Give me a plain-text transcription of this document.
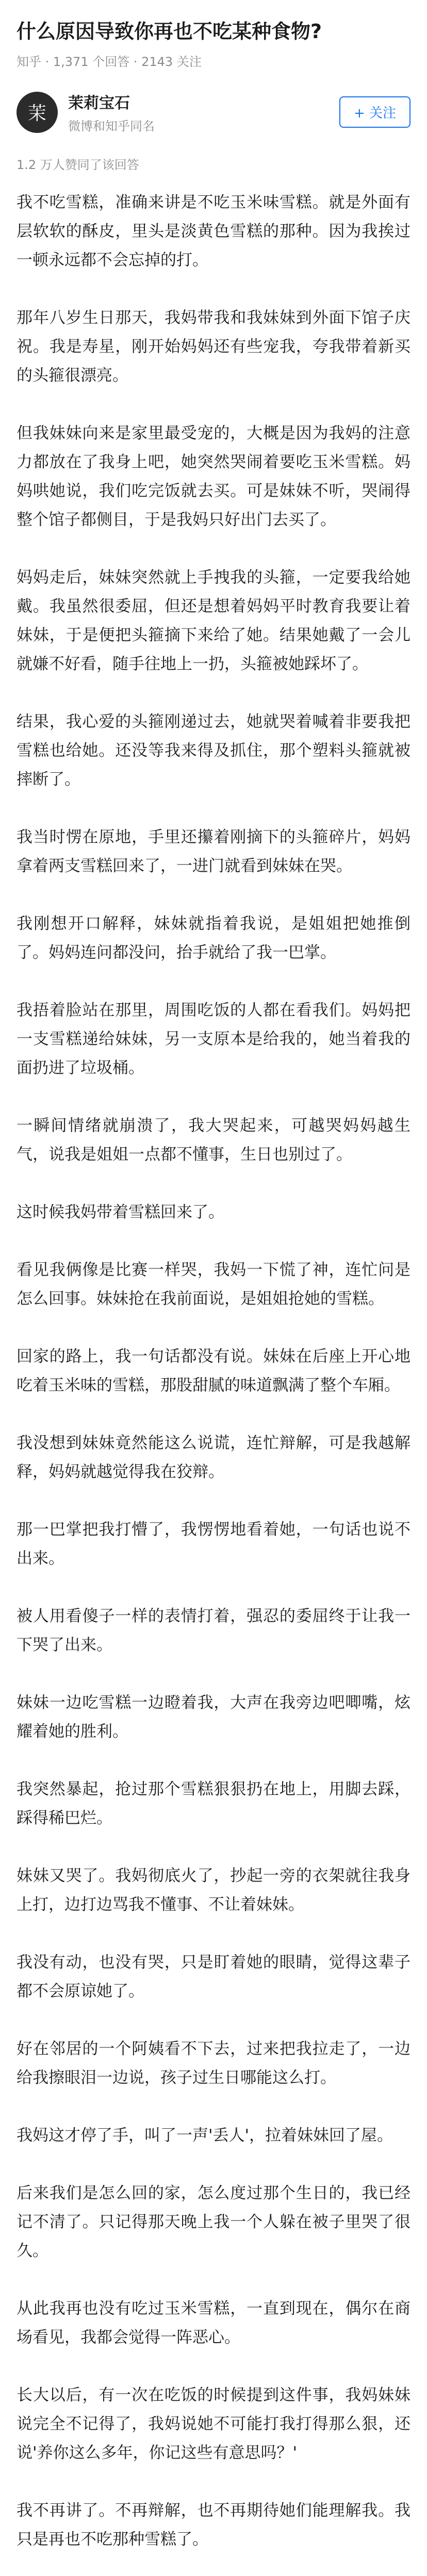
什么原因导致你再也不吃某种食物?
知乎 · 1,371 个回答 · 2143 关注
茉	茉莉宝石
微博和知乎同名
+ 关注
1.2 万人赞同了该回答

我不吃雪糕，准确来讲是不吃玉米味雪糕。就是外面有层软软的酥皮，里头是淡黄色雪糕的那种。因为我挨过一顿永远都不会忘掉的打。

那年八岁生日那天，我妈带我和我妹妹到外面下馆子庆祝。我是寿星，刚开始妈妈还有些宠我，夸我带着新买的头箍很漂亮。

但我妹妹向来是家里最受宠的，大概是因为我妈的注意力都放在了我身上吧，她突然哭闹着要吃玉米雪糕。妈妈哄她说，我们吃完饭就去买。可是妹妹不听，哭闹得整个馆子都侧目，于是我妈只好出门去买了。

妈妈走后，妹妹突然就上手拽我的头箍，一定要我给她戴。我虽然很委屈，但还是想着妈妈平时教育我要让着妹妹，于是便把头箍摘下来给了她。结果她戴了一会儿就嫌不好看，随手往地上一扔，头箍被她踩坏了。

结果，我心爱的头箍刚递过去，她就哭着喊着非要我把雪糕也给她。还没等我来得及抓住，那个塑料头箍就被摔断了。

我当时愣在原地，手里还攥着刚摘下的头箍碎片，妈妈拿着两支雪糕回来了，一进门就看到妹妹在哭。

我刚想开口解释，妹妹就指着我说，是姐姐把她推倒了。妈妈连问都没问，抬手就给了我一巴掌。

我捂着脸站在那里，周围吃饭的人都在看我们。妈妈把一支雪糕递给妹妹，另一支原本是给我的，她当着我的面扔进了垃圾桶。

一瞬间情绪就崩溃了，我大哭起来，可越哭妈妈越生气，说我是姐姐一点都不懂事，生日也别过了。

这时候我妈带着雪糕回来了。

看见我俩像是比赛一样哭，我妈一下慌了神，连忙问是怎么回事。妹妹抢在我前面说，是姐姐抢她的雪糕。

回家的路上，我一句话都没有说。妹妹在后座上开心地吃着玉米味的雪糕，那股甜腻的味道飘满了整个车厢。

我没想到妹妹竟然能这么说谎，连忙辩解，可是我越解释，妈妈就越觉得我在狡辩。

那一巴掌把我打懵了，我愣愣地看着她，一句话也说不出来。

被人用看傻子一样的表情打着，强忍的委屈终于让我一下哭了出来。

妹妹一边吃雪糕一边瞪着我，大声在我旁边吧唧嘴，炫耀着她的胜利。

我突然暴起，抢过那个雪糕狠狠扔在地上，用脚去踩，踩得稀巴烂。

妹妹又哭了。我妈彻底火了，抄起一旁的衣架就往我身上打，边打边骂我不懂事、不让着妹妹。

我没有动，也没有哭，只是盯着她的眼睛，觉得这辈子都不会原谅她了。

好在邻居的一个阿姨看不下去，过来把我拉走了，一边给我擦眼泪一边说，孩子过生日哪能这么打。

我妈这才停了手，叫了一声'丢人'，拉着妹妹回了屋。

后来我们是怎么回的家，怎么度过那个生日的，我已经记不清了。只记得那天晚上我一个人躲在被子里哭了很久。

从此我再也没有吃过玉米雪糕，一直到现在，偶尔在商场看见，我都会觉得一阵恶心。

长大以后，有一次在吃饭的时候提到这件事，我妈妹妹说完全不记得了，我妈说她不可能打我打得那么狠，还说'养你这么多年，你记这些有意思吗？'

我不再讲了。不再辩解，也不再期待她们能理解我。我只是再也不吃那种雪糕了。
